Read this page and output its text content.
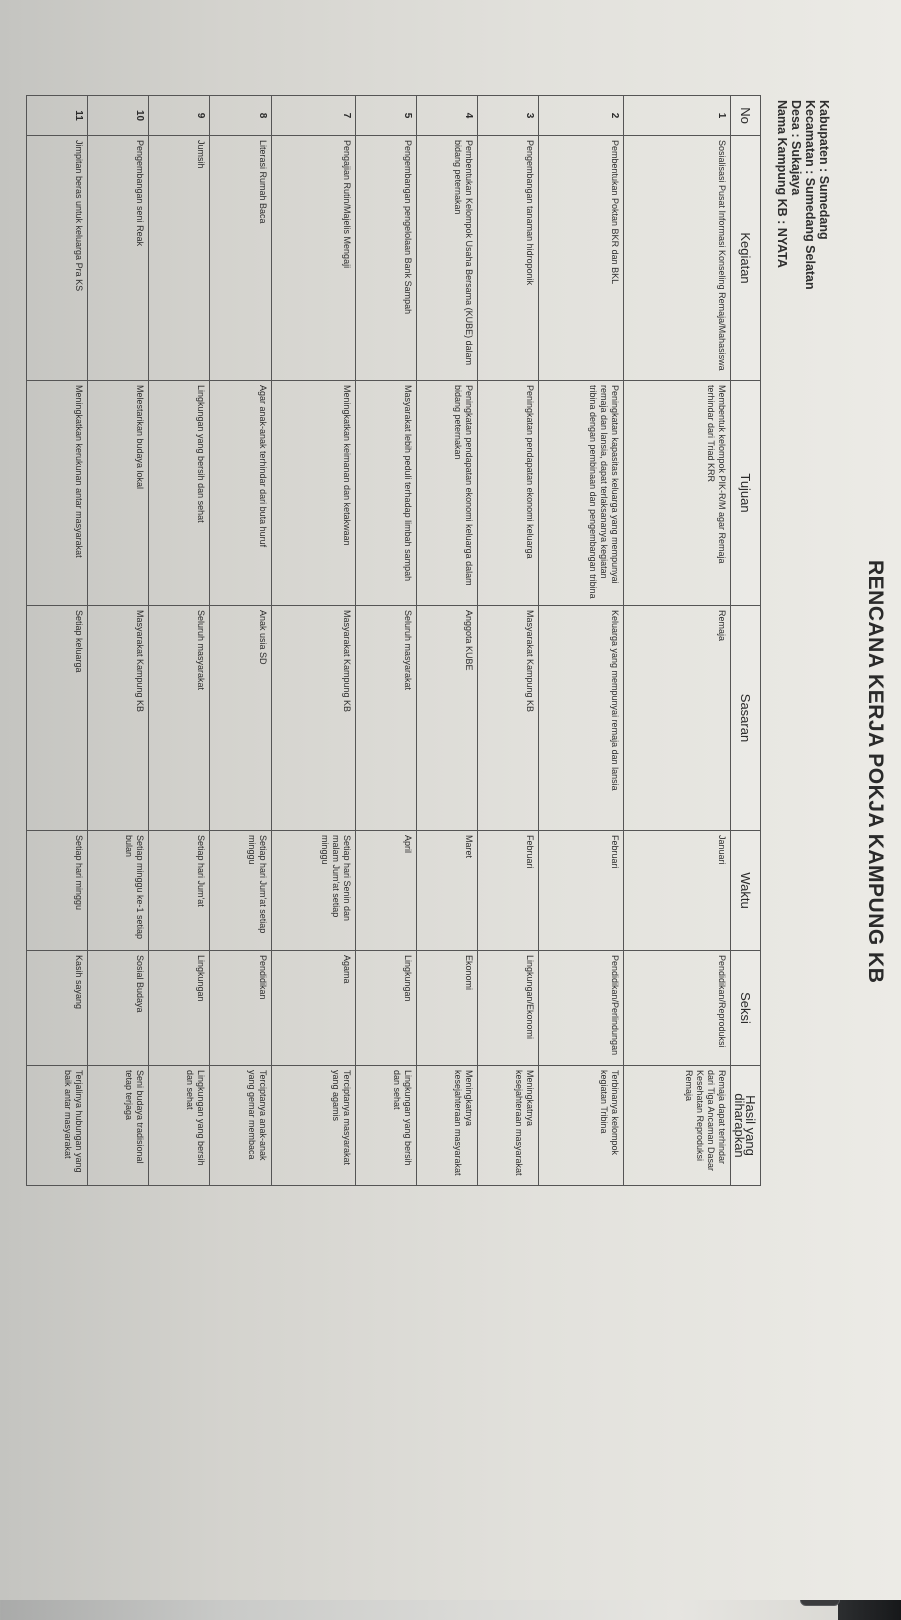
RENCANA KERJA POKJA KAMPUNG KB
Kabupaten : Sumedang
Kecamatan : Sumedang Selatan
Desa : Sukajaya
Nama Kampung KB : NYATA
No	Kegiatan	Tujuan	Sasaran	Waktu	Seksi	Hasil yang diharapkan
1	Sosialisasi Pusat Informasi Konseling Remaja/Mahasiswa	Membentuk kelompok PIK-R/M agar Remaja terhindar dari Triad KRR	Remaja	Januari	Pendidikan/Reproduksi	Remaja dapat terhindar dari Tiga Ancaman Dasar Kesehatan Reproduksi Remaja
2	Pembentukan Poktan BKR dan BKL	Peningkatan kapasitas keluarga yang mempunyai remaja dan lansia, dapat terlaksananya kegiatan tribina dengan pembinaan dan pengembangan tribina	Keluarga yang mempunyai remaja dan lansia	Februari	Pendidikan/Perlindungan	Terbinanya kelompok kegiatan Tribina
3	Pengembangan tanaman hidroponik	Peningkatan pendapatan ekonomi keluarga	Masyarakat Kampung KB	Februari	Lingkungan/Ekonomi	Meningkatnya kesejahteraan masyarakat
4	Pembentukan Kelompok Usaha Bersama (KUBE) dalam bidang peternakan	Peningkatan pendapatan ekonomi keluarga dalam bidang peternakan	Anggota KUBE	Maret	Ekonomi	Meningkatnya kesejahteraan masyarakat
5	Pengembangan pengelolaan Bank Sampah	Masyarakat lebih peduli terhadap limbah sampah	Seluruh masyarakat	April	Lingkungan	Lingkungan yang bersih dan sehat
7	Pengajian Rutin/Majelis Mengaji	Meningkatkan keimanan dan ketakwaan	Masyarakat Kampung KB	Setiap hari Senin dan malam Jum'at setiap minggu	Agama	Terciptanya masyarakat yang agamis
8	Literasi Rumah Baca	Agar anak-anak terhindar dari buta huruf	Anak usia SD	Setiap hari Jum'at setiap minggu	Pendidikan	Terciptanya anak-anak yang gemar membaca
9	Jumsih	Lingkungan yang bersih dan sehat	Seluruh masyarakat	Setiap hari Jum'at	Lingkungan	Lingkungan yang bersih dan sehat
10	Pengembangan seni Reak	Melestarikan budaya lokal	Masyarakat Kampung KB	Setiap minggu ke-1 setiap bulan	Sosial Budaya	Seni budaya tradisional tetap terjaga
11	Jimpitan beras untuk keluarga Pra KS	Meningkatkan kerukunan antar masyarakat	Setiap keluarga	Setiap hari minggu	Kasih sayang	Terjalinya hubungan yang baik antar masyarakat
